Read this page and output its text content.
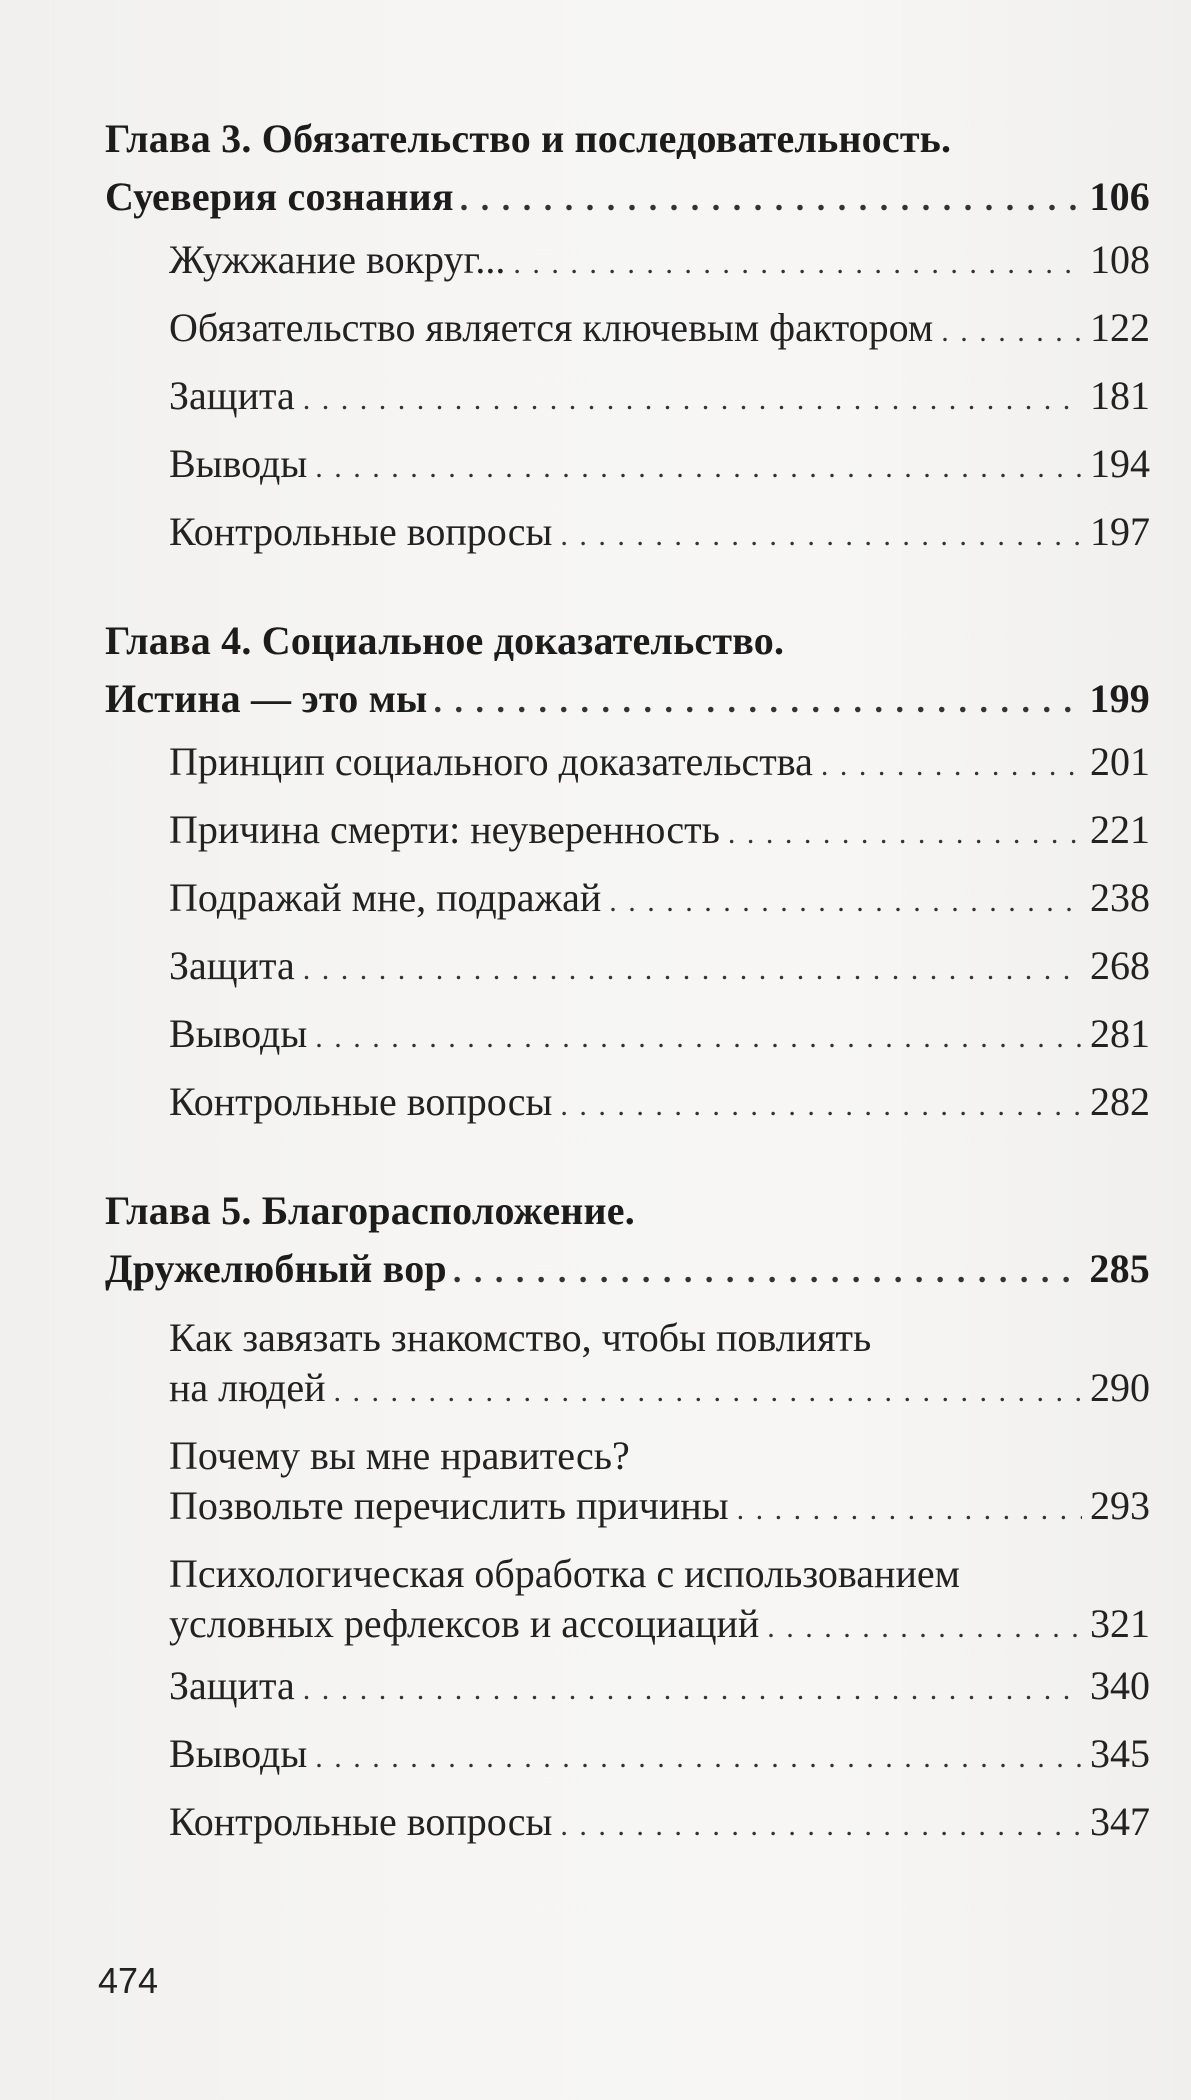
Глава 3. Обязательство и последовательность.
Суеверия сознания . . .	106
Жужжание вокруг... . . .	108
Обязательство является ключевым фактором . . .	122
Защита . . .	181
Выводы . . .	194
Контрольные вопросы . . .	197
Глава 4. Социальное доказательство.
Истина — это мы . . .	199
Принцип социального доказательства . . .	201
Причина смерти: неуверенность . . .	221
Подражай мне, подражай . . .	238
Защита . . .	268
Выводы . . .	281
Контрольные вопросы . . .	282
Глава 5. Благорасположение.
Дружелюбный вор . . .	285
Как завязать знакомство, чтобы повлиять
на людей . . .	290
Почему вы мне нравитесь?
Позвольте перечислить причины . . .	293
Психологическая обработка с использованием
условных рефлексов и ассоциаций . . .	321
Защита . . .	340
Выводы . . .	345
Контрольные вопросы . . .	347
474
